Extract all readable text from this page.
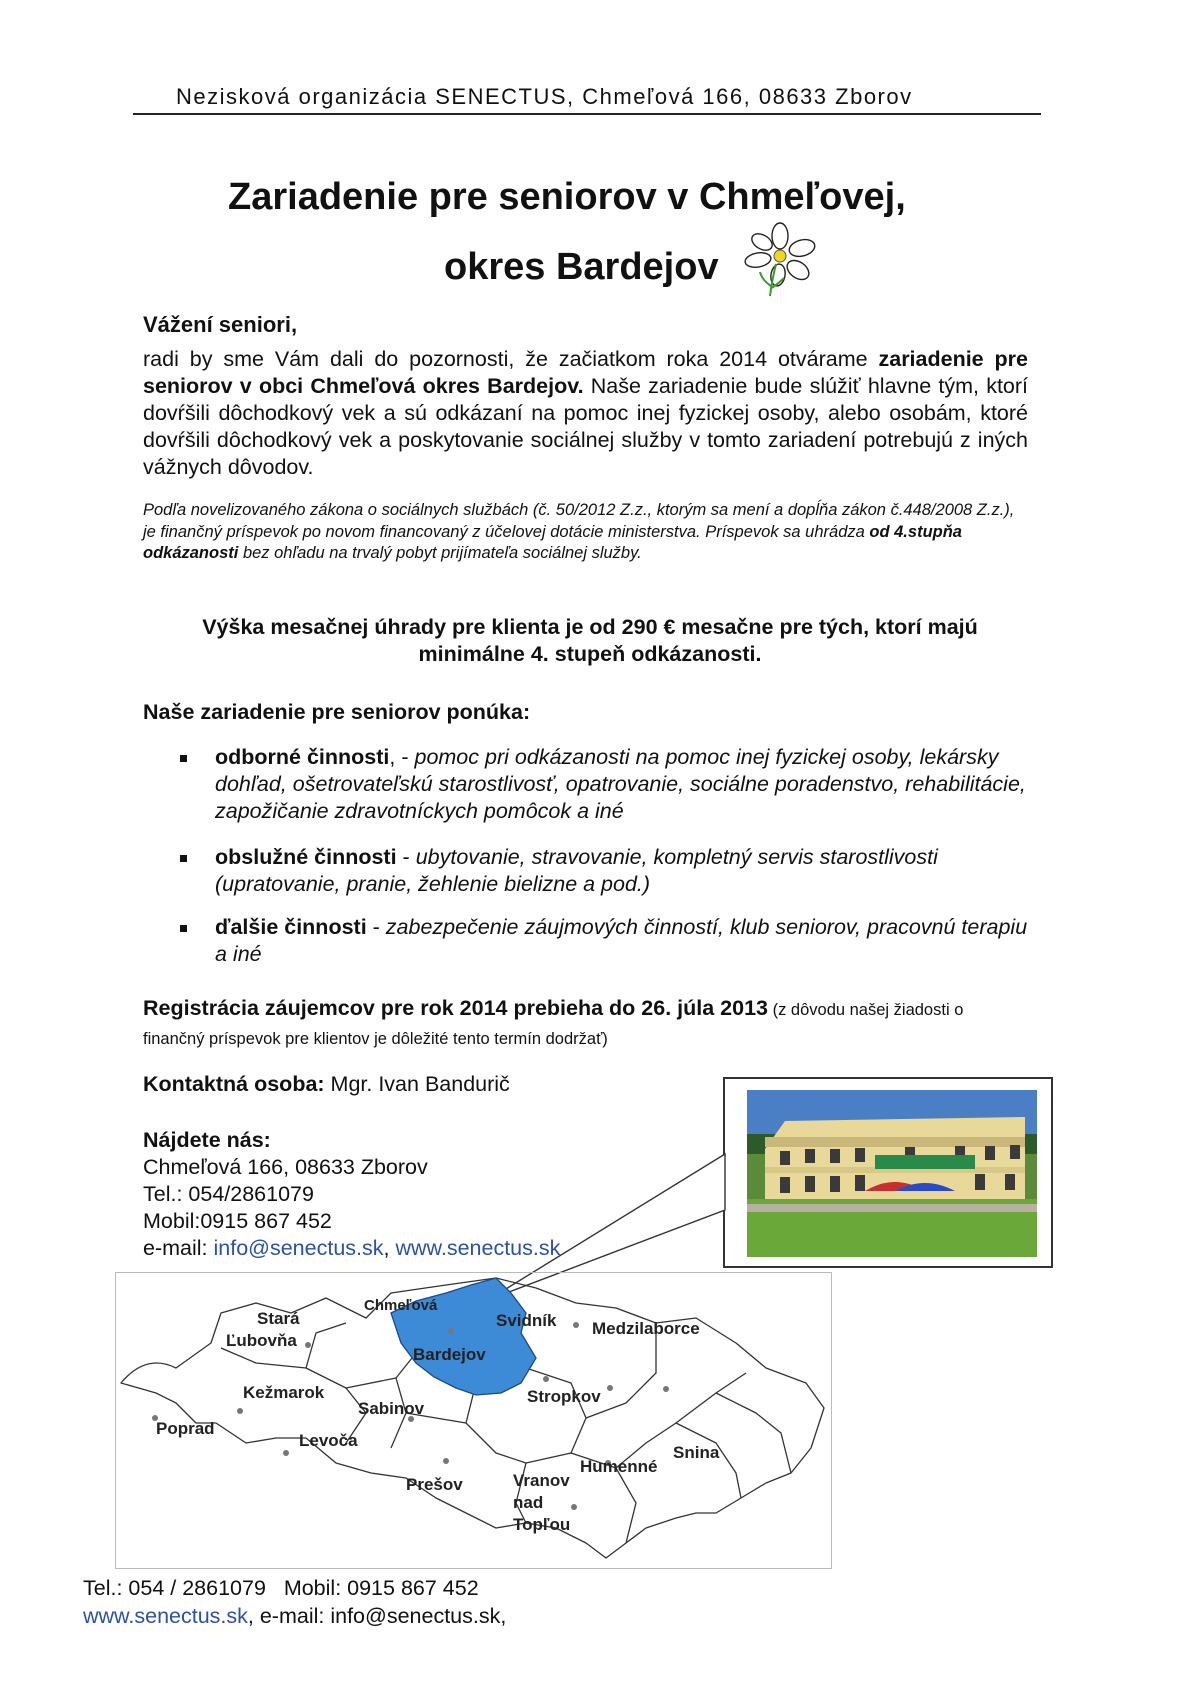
Nezisková organizácia SENECTUS, Chmeľová 166, 08633 Zborov
Zariadenie pre seniorov v Chmeľovej,
okres Bardejov
Vážení seniori,
radi by sme Vám dali do pozornosti, že začiatkom roka 2014 otvárame zariadenie pre seniorov v obci Chmeľová okres Bardejov. Naše zariadenie bude slúžiť hlavne tým, ktorí dovŕšili dôchodkový vek a sú odkázaní na pomoc inej fyzickej osoby, alebo osobám, ktoré dovŕšili dôchodkový vek a poskytovanie sociálnej služby v tomto zariadení potrebujú z iných vážnych dôvodov.
Podľa novelizovaného zákona o sociálnych službách (č. 50/2012 Z.z., ktorým sa mení a dopĺňa zákon č.448/2008 Z.z.), je finančný príspevok po novom financovaný z účelovej dotácie ministerstva. Príspevok sa uhrádza od 4.stupňa odkázanosti bez ohľadu na trvalý pobyt prijímateľa sociálnej služby.
Výška mesačnej úhrady pre klienta je od 290 € mesačne pre tých, ktorí majú
minimálne 4. stupeň odkázanosti.
Naše zariadenie pre seniorov ponúka:
odborné činnosti, - pomoc pri odkázanosti na pomoc inej fyzickej osoby, lekársky dohľad, ošetrovateľskú starostlivosť, opatrovanie, sociálne poradenstvo, rehabilitácie, zapožičanie zdravotníckych pomôcok a iné
obslužné činnosti - ubytovanie, stravovanie, kompletný servis starostlivosti (upratovanie, pranie, žehlenie bielizne a pod.)
ďalšie činnosti - zabezpečenie záujmových činností, klub seniorov, pracovnú terapiu a iné
Registrácia záujemcov pre rok 2014 prebieha do 26. júla 2013 (z dôvodu našej žiadosti o finančný príspevok pre klientov je dôležité tento termín dodržať)
Kontaktná osoba: Mgr. Ivan Bandurič
Nájdete nás:
Chmeľová 166, 08633 Zborov
Tel.: 054/2861079
Mobil:0915 867 452
e-mail: info@senectus.sk, www.senectus.sk
Stará
Ľubovňa
Kežmarok
Poprad
Levoča
Sabinov
Prešov
Chmeľová
Bardejov
Svidník Medzilaborce
Stropkov
Humenné
Snina
Vranov
nad
Topľou
Tel.: 054 / 2861079   Mobil: 0915 867 452
www.senectus.sk, e-mail: info@senectus.sk,
